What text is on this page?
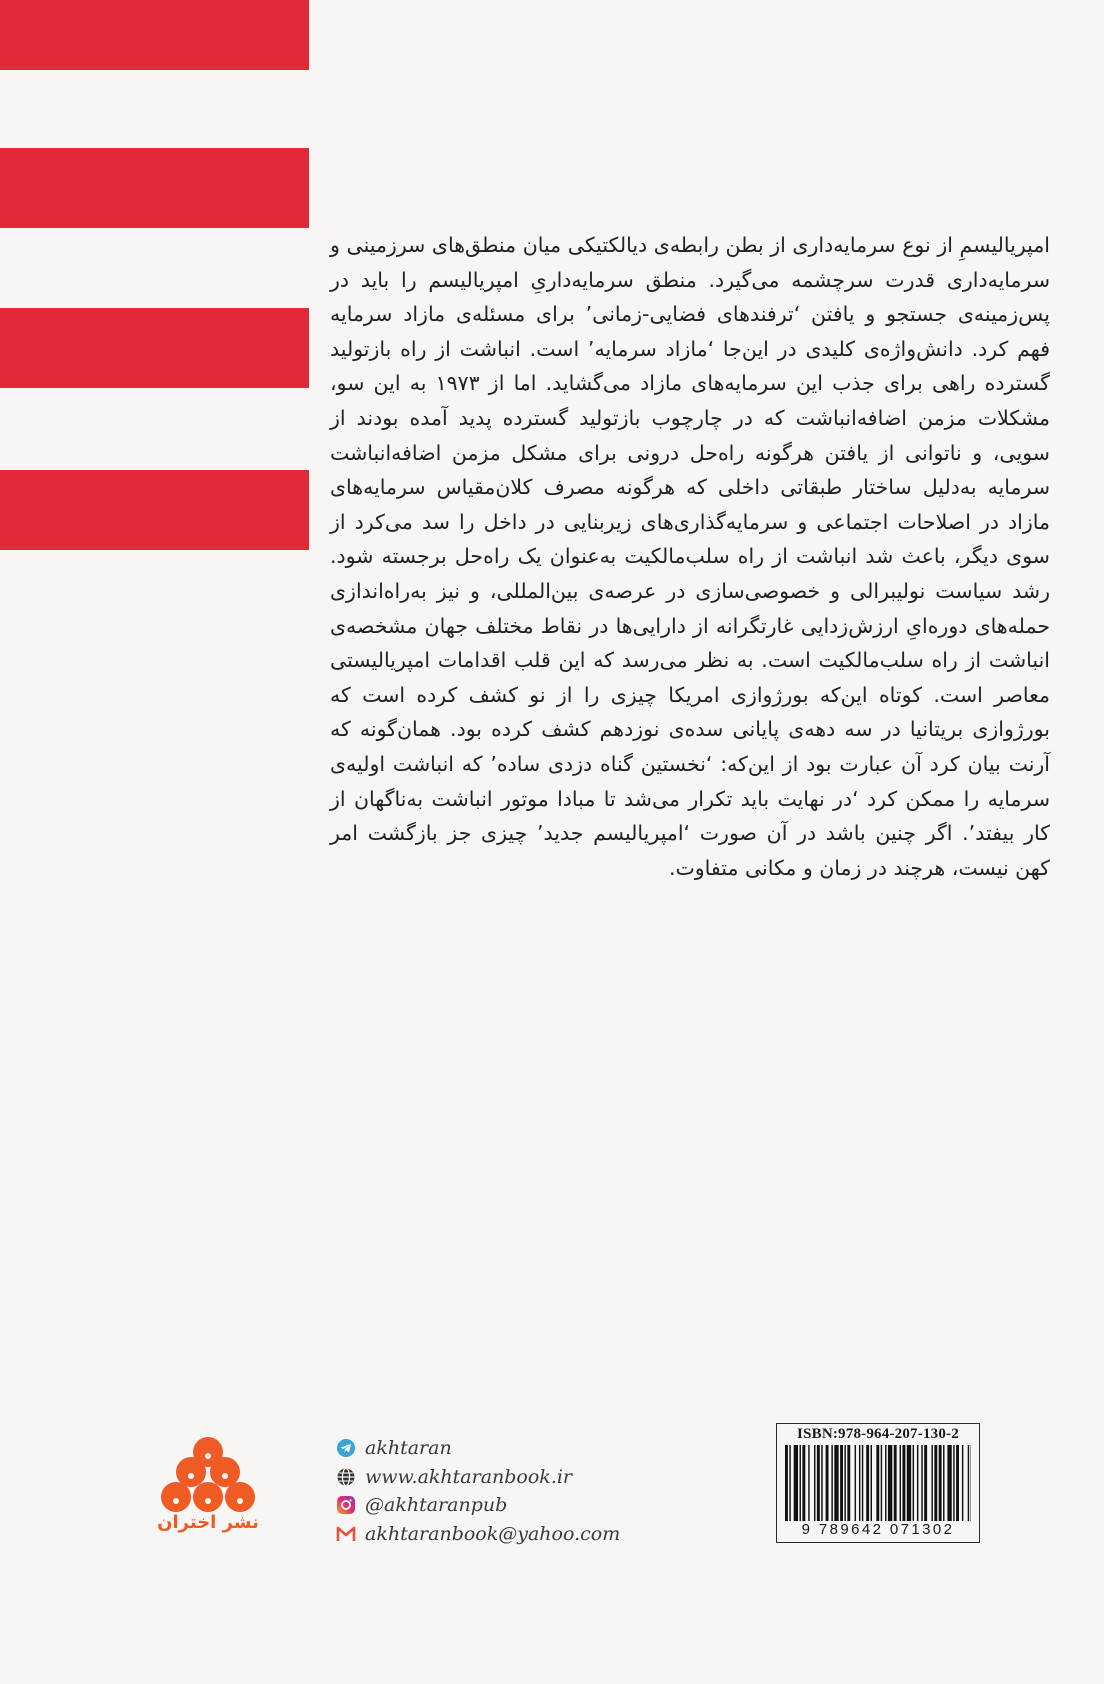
امپریالیسمِ از نوع سرمایه‌داری از بطن رابطه‌ی دیالکتیکی میان منطق‌های سرزمینی و سرمایه‌داری قدرت سرچشمه می‌گیرد. منطق سرمایه‌داریِ امپریالیسم را باید در پس‌زمینه‌ی جستجو و یافتن ‘ترفندهای فضایی-زمانی’ برای مسئله‌ی مازاد سرمایه فهم کرد. دانش‌واژه‌ی کلیدی در این‌جا ‘مازاد سرمایه’ است. انباشت از راه بازتولید گسترده راهی برای جذب این سرمایه‌های مازاد می‌گشاید. اما از ۱۹۷۳ به این سو، مشکلات مزمن اضافه‌انباشت که در چارچوب بازتولید گسترده پدید آمده بودند از سویی، و ناتوانی از یافتن هرگونه راه‌حل درونی برای مشکل مزمن اضافه‌انباشت سرمایه به‌دلیل ساختار طبقاتی داخلی که هرگونه مصرف کلان‌مقیاس سرمایه‌های مازاد در اصلاحات اجتماعی و سرمایه‌گذاری‌های زیربنایی در داخل را سد می‌کرد از سوی دیگر، باعث شد انباشت از راه سلب‌مالکیت به‌عنوان یک راه‌حل برجسته شود. رشد سیاست نولیبرالی و خصوصی‌سازی در عرصه‌ی بین‌المللی، و نیز به‌راه‌اندازی حمله‌های دوره‌ایِ ارزش‌زدایی غارتگرانه از دارایی‌ها در نقاط مختلف جهان مشخصه‌ی انباشت از راه سلب‌مالکیت است. به نظر می‌رسد که این قلب اقدامات امپریالیستی معاصر است. کوتاه این‌که بورژوازی امریکا چیزی را از نو کشف کرده است که بورژوازی بریتانیا در سه دهه‌ی پایانی سده‌ی نوزدهم کشف کرده بود. همان‌گونه که آرنت بیان کرد آن عبارت بود از این‌که: ‘نخستین گناه دزدی ساده’ که انباشت اولیه‌ی سرمایه را ممکن کرد ‘در نهایت باید تکرار می‌شد تا مبادا موتور انباشت به‌ناگهان از کار بیفتد’. اگر چنین باشد در آن صورت ‘امپریالیسم جدید’ چیزی جز بازگشت امر کهن نیست، هرچند در زمان و مکانی متفاوت.
نشر اختران
akhtaran
www.akhtaranbook.ir
@akhtaranpub
akhtaranbook@yahoo.com
ISBN:978-964-207-130-2
9 789642 071302
